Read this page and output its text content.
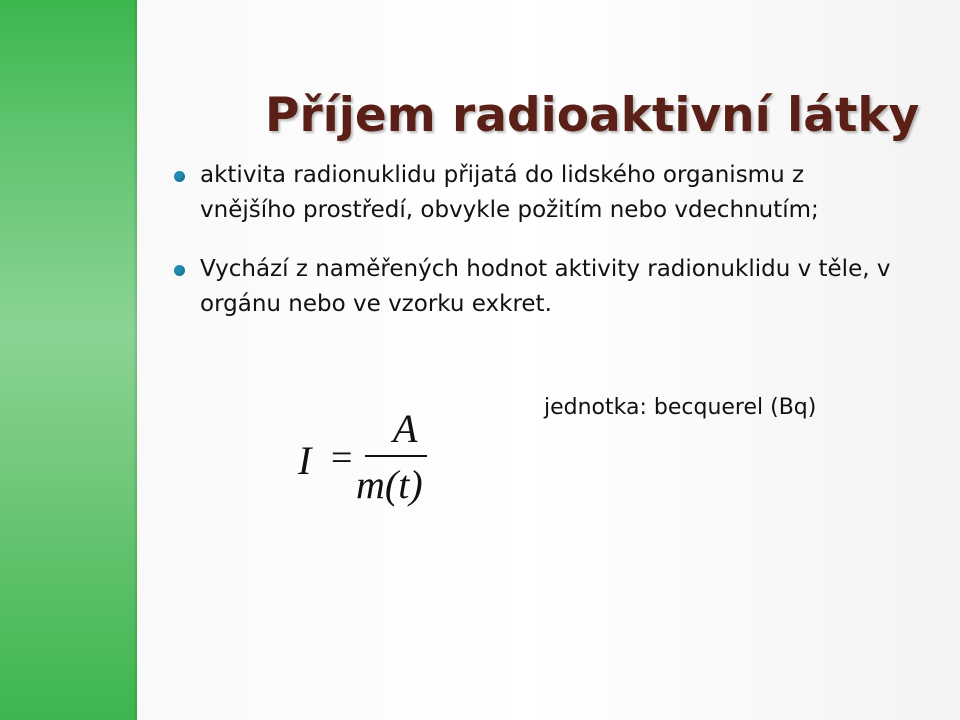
Příjem radioaktivní látky
aktivita radionuklidu přijatá do lidského organismu z vnějšího prostředí, obvykle požitím nebo vdechnutím;
Vychází z naměřených hodnot aktivity radionuklidu v těle, v orgánu nebo ve vzorku exkret.
jednotka: becquerel (Bq)
I =
A
m(t)
